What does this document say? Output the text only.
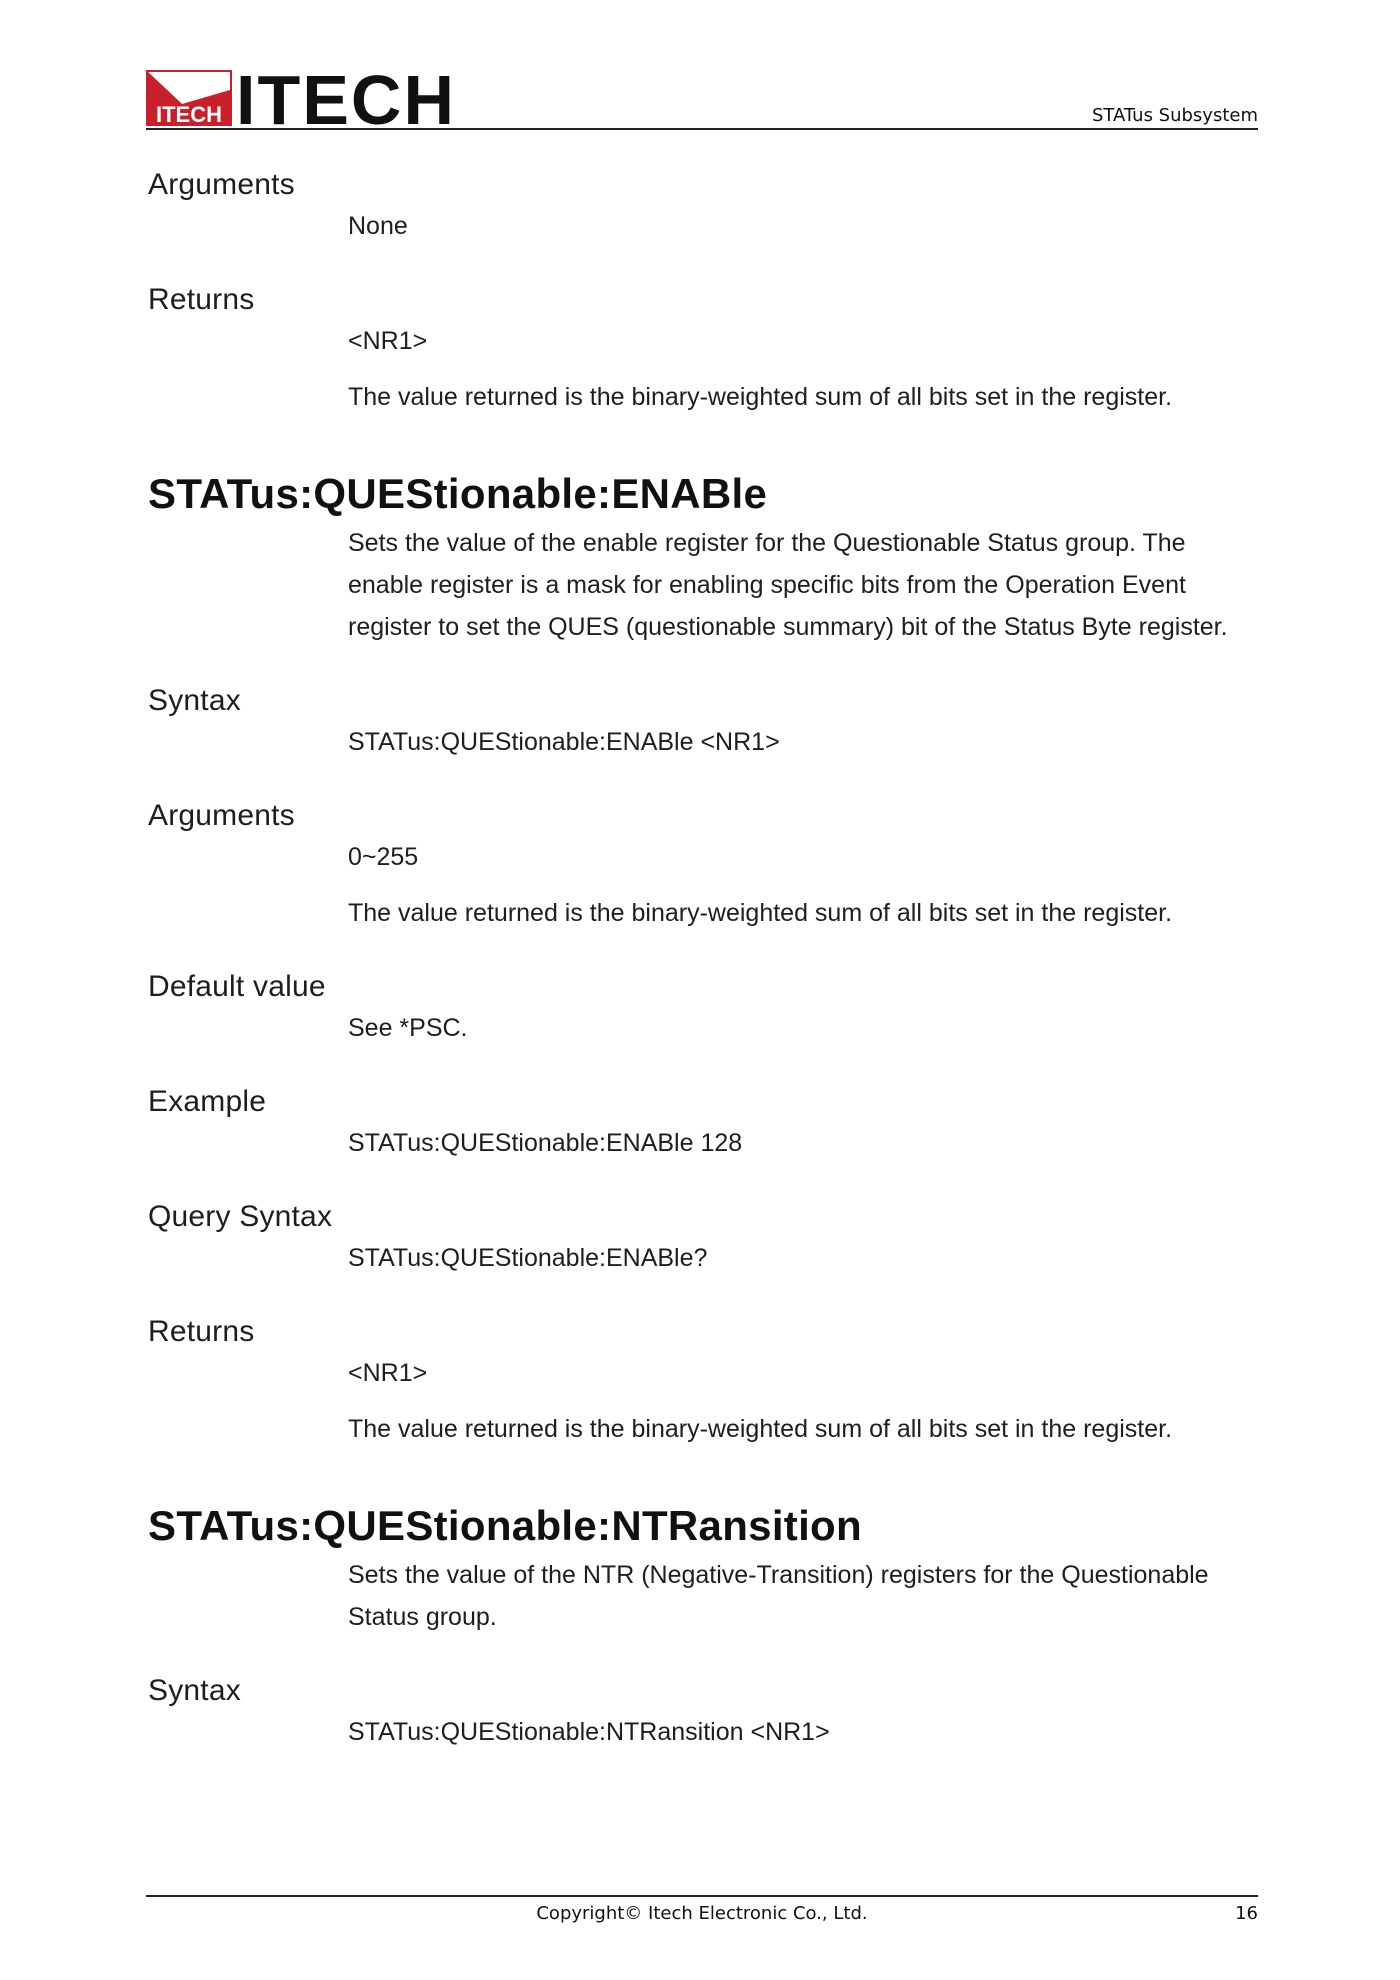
ITECH ITECH	STATus Subsystem
Arguments

None

Returns

<NR1>

The value returned is the binary-weighted sum of all bits set in the register.

STATus:QUEStionable:ENABle

Sets the value of the enable register for the Questionable Status group. The

enable register is a mask for enabling specific bits from the Operation Event

register to set the QUES (questionable summary) bit of the Status Byte register.

Syntax

STATus:QUEStionable:ENABle <NR1>

Arguments

0~255

The value returned is the binary-weighted sum of all bits set in the register.

Default value

See *PSC.

Example

STATus:QUEStionable:ENABle 128

Query Syntax

STATus:QUEStionable:ENABle?

Returns

<NR1>

The value returned is the binary-weighted sum of all bits set in the register.

STATus:QUEStionable:NTRansition

Sets the value of the NTR (Negative-Transition) registers for the Questionable

Status group.

Syntax

STATus:QUEStionable:NTRansition <NR1>

Copyright© Itech Electronic Co., Ltd.	16
